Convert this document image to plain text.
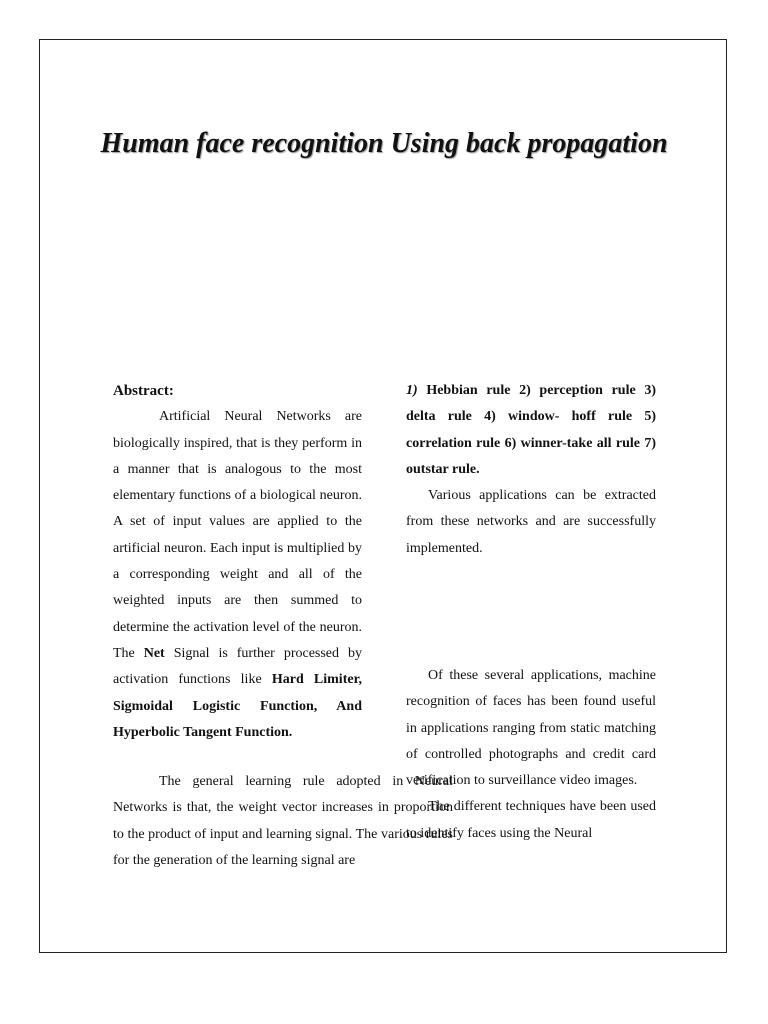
Human face recognition Using back propagation

Abstract:

Artificial Neural Networks are biologically inspired, that is they perform in a manner that is analogous to the most elementary functions of a biological neuron. A set of input values are applied to the artificial neuron. Each input is multiplied by a corresponding weight and all of the weighted inputs are then summed to determine the activation level of the neuron. The Net Signal is further processed by activation functions like Hard Limiter, Sigmoidal Logistic Function, And Hyperbolic Tangent Function.

The general learning rule adopted in Neural Networks is that, the weight vector increases in proportion to the product of input and learning signal. The various rules for the generation of the learning signal are

1) Hebbian rule 2) perception rule 3) delta rule 4) window- hoff rule 5) correlation rule 6) winner-take all rule 7) outstar rule.

Various applications can be extracted from these networks and are successfully implemented.

Of these several applications, machine recognition of faces has been found useful in applications ranging from static matching of controlled photographs and credit card verification to surveillance video images.

The different techniques have been used to identify faces using the Neural
